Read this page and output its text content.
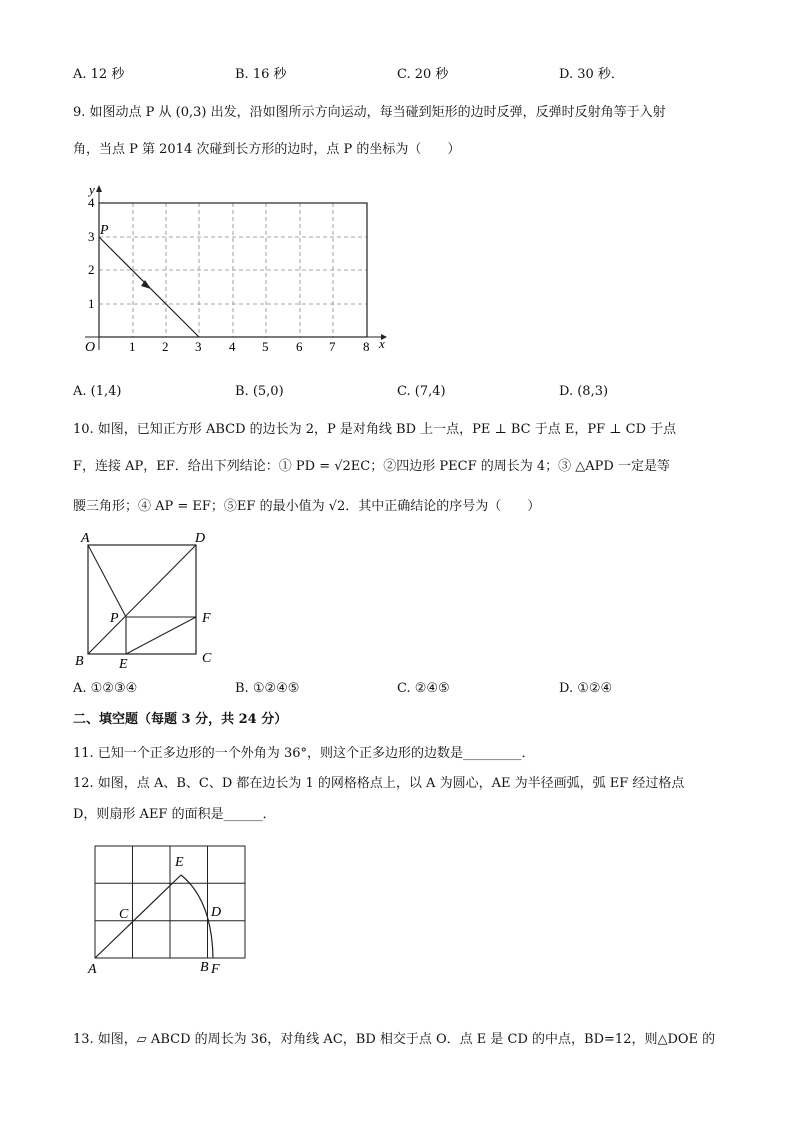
A. 12 秒	B. 16 秒	C. 20 秒	D. 30 秒．
9. 如图动点 P 从 (0,3) 出发，沿如图所示方向运动，每当碰到矩形的边时反弹，反弹时反射角等于入射
角，当点 P 第 2014 次碰到长方形的边时，点 P 的坐标为（　　）
y
x
O
P
1 2 3 4 5 6 7 8
1
2
3
4
A. (1,4)	B. (5,0)	C. (7,4)	D. (8,3)
10. 如图，已知正方形 ABCD 的边长为 2，P 是对角线 BD 上一点，PE ⊥ BC 于点 E，PF ⊥ CD 于点
F，连接 AP，EF．给出下列结论：① PD = √2EC；②四边形 PECF 的周长为 4；③ △APD 一定是等
腰三角形；④ AP = EF；⑤EF 的最小值为 √2．其中正确结论的序号为（　　）
A	D
B	C
E
F
P
A. ①②③④	B. ①②④⑤	C. ②④⑤	D. ①②④
二、填空题（每题 3 分，共 24 分）
11. 已知一个正多边形的一个外角为 36°，则这个正多边形的边数是_________．
12. 如图，点 A、B、C、D 都在边长为 1 的网格格点上，以 A 为圆心，AE 为半径画弧，弧 EF 经过格点
D，则扇形 AEF 的面积是______．
A	B F
C	D
E
13. 如图，▱ ABCD 的周长为 36，对角线 AC，BD 相交于点 O．点 E 是 CD 的中点，BD=12，则△DOE 的
